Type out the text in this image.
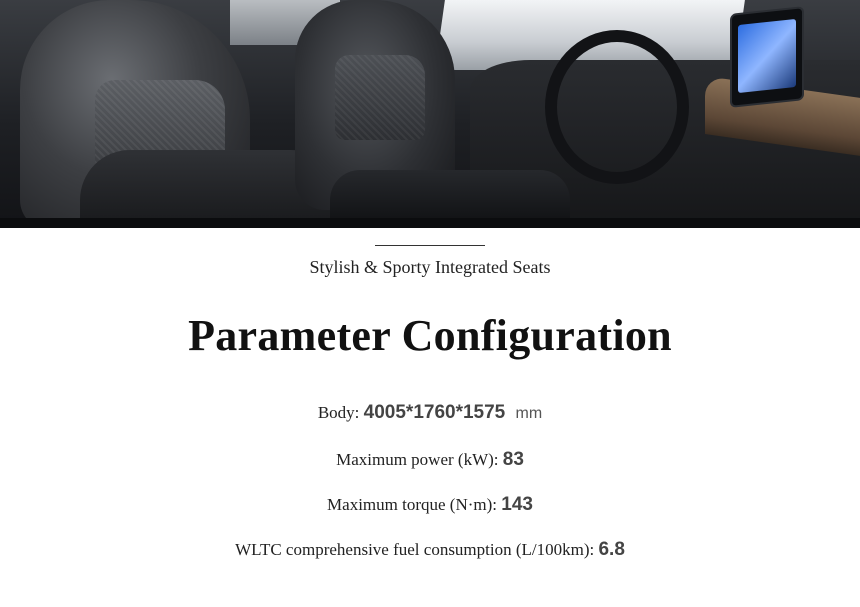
Stylish & Sporty Integrated Seats
Parameter Configuration
Body: 4005*1760*1575 mm
Maximum power (kW): 83
Maximum torque (N·m): 143
WLTC comprehensive fuel consumption (L/100km): 6.8
